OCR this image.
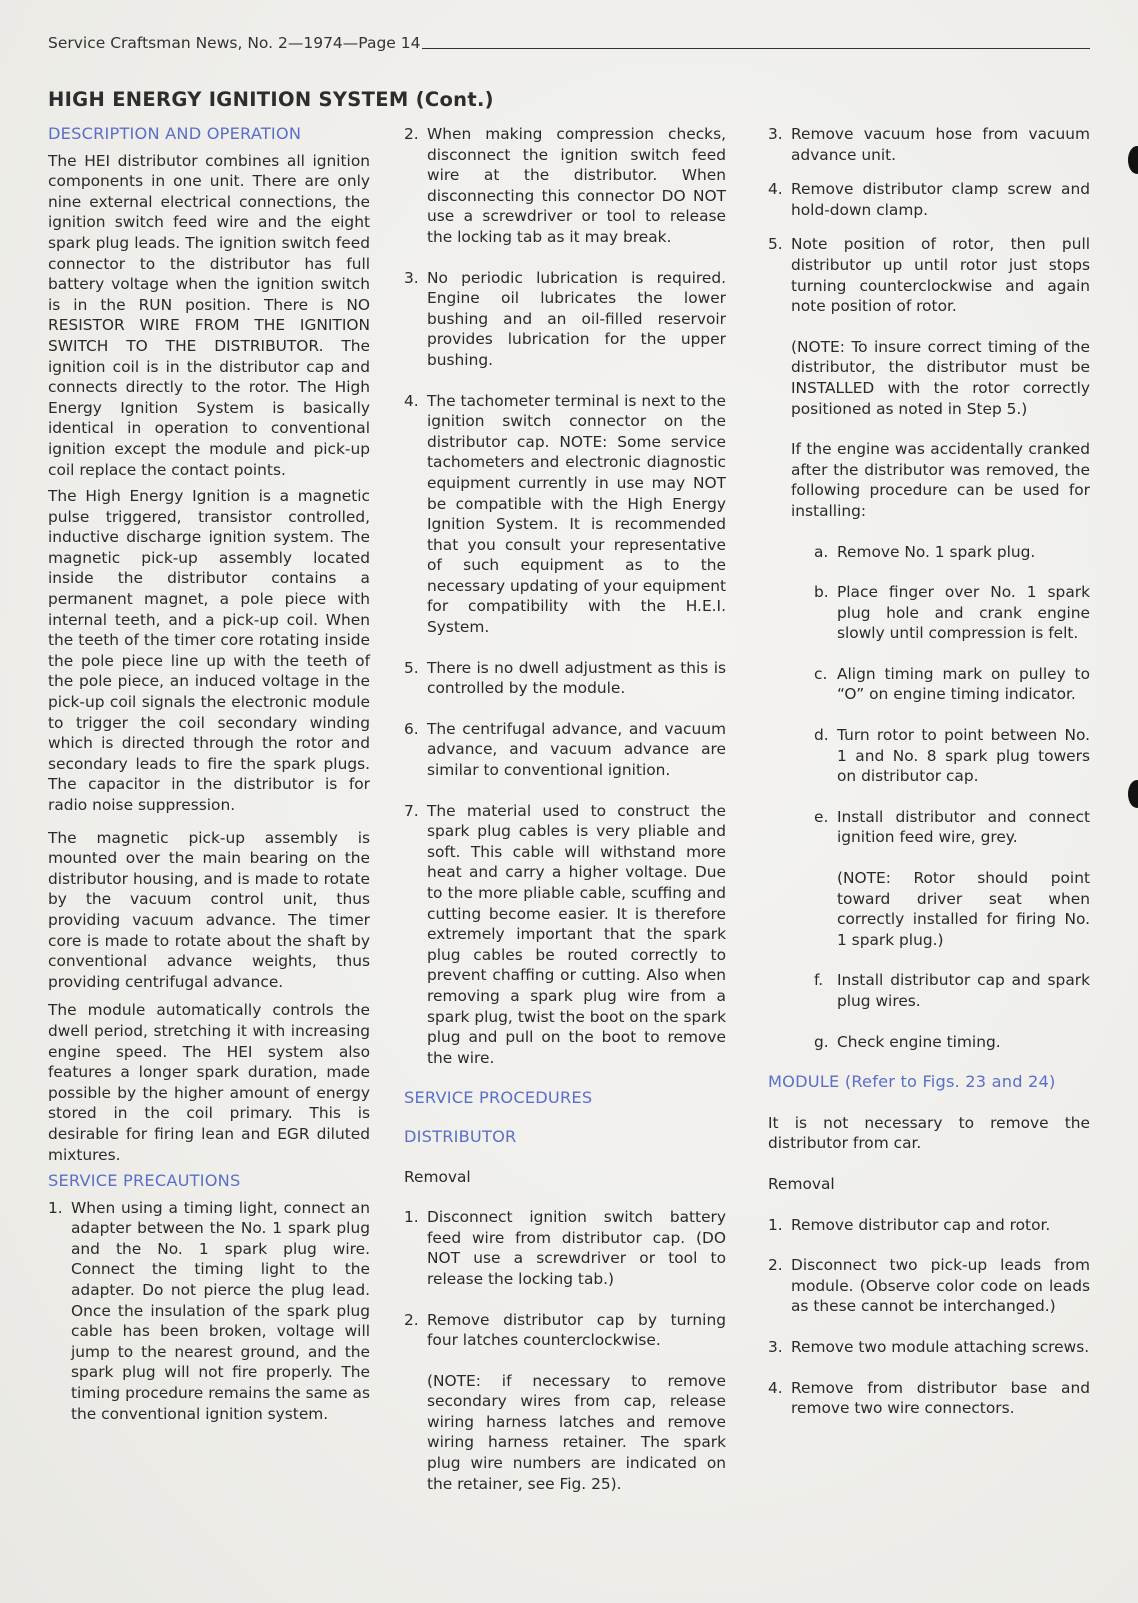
Service Craftsman News, No. 2—1974—Page 14
HIGH ENERGY IGNITION SYSTEM (Cont.)
DESCRIPTION AND OPERATION

The HEI distributor combines all ignition components in one unit. There are only nine external electrical connections, the ignition switch feed wire and the eight spark plug leads. The ignition switch feed connector to the distributor has full battery voltage when the ignition switch is in the RUN position. There is NO RESISTOR WIRE FROM THE IGNITION SWITCH TO THE DISTRIBUTOR. The ignition coil is in the distributor cap and connects directly to the rotor. The High Energy Ignition System is basically identical in operation to conventional ignition except the module and pick-up coil replace the contact points.

The High Energy Ignition is a magnetic pulse triggered, transistor controlled, inductive discharge ignition system. The magnetic pick-up assembly located inside the distributor contains a permanent magnet, a pole piece with internal teeth, and a pick-up coil. When the teeth of the timer core rotating inside the pole piece line up with the teeth of the pole piece, an induced voltage in the pick-up coil signals the electronic module to trigger the coil secondary winding which is directed through the rotor and secondary leads to fire the spark plugs. The capacitor in the distributor is for radio noise suppression.

The magnetic pick-up assembly is mounted over the main bearing on the distributor housing, and is made to rotate by the vacuum control unit, thus providing vacuum advance. The timer core is made to rotate about the shaft by conventional advance weights, thus providing centrifugal advance.

The module automatically controls the dwell period, stretching it with increasing engine speed. The HEI system also features a longer spark duration, made possible by the higher amount of energy stored in the coil primary. This is desirable for firing lean and EGR diluted mixtures.

SERVICE PRECAUTIONS
1. When using a timing light, connect an adapter between the No. 1 spark plug and the No. 1 spark plug wire. Connect the timing light to the adapter. Do not pierce the plug lead. Once the insulation of the spark plug cable has been broken, voltage will jump to the nearest ground, and the spark plug will not fire properly. The timing procedure remains the same as the conventional ignition system.
2. When making compression checks, disconnect the ignition switch feed wire at the distributor. When disconnecting this connector DO NOT use a screwdriver or tool to release the locking tab as it may break.
3. No periodic lubrication is required. Engine oil lubricates the lower bushing and an oil-filled reservoir provides lubrication for the upper bushing.
4. The tachometer terminal is next to the ignition switch connector on the distributor cap. NOTE: Some service tachometers and electronic diagnostic equipment currently in use may NOT be compatible with the High Energy Ignition System. It is recommended that you consult your representative of such equipment as to the necessary updating of your equipment for compatibility with the H.E.I. System.
5. There is no dwell adjustment as this is controlled by the module.
6. The centrifugal advance, and vacuum advance, and vacuum advance are similar to conventional ignition.
7. The material used to construct the spark plug cables is very pliable and soft. This cable will withstand more heat and carry a higher voltage. Due to the more pliable cable, scuffing and cutting become easier. It is therefore extremely important that the spark plug cables be routed correctly to prevent chaffing or cutting. Also when removing a spark plug wire from a spark plug, twist the boot on the spark plug and pull on the boot to remove the wire.
SERVICE PROCEDURES
DISTRIBUTOR

Removal

1. Disconnect ignition switch battery feed wire from distributor cap. (DO NOT use a screwdriver or tool to release the locking tab.)
2. Remove distributor cap by turning four latches counterclockwise.

(NOTE: if necessary to remove secondary wires from cap, release wiring harness latches and remove wiring harness retainer. The spark plug wire numbers are indicated on the retainer, see Fig. 25).

3. Remove vacuum hose from vacuum advance unit.
4. Remove distributor clamp screw and hold-down clamp.
5. Note position of rotor, then pull distributor up until rotor just stops turning counterclockwise and again note position of rotor.

(NOTE: To insure correct timing of the distributor, the distributor must be INSTALLED with the rotor correctly positioned as noted in Step 5.)

If the engine was accidentally cranked after the distributor was removed, the following procedure can be used for installing:

a. Remove No. 1 spark plug.
b. Place finger over No. 1 spark plug hole and crank engine slowly until compression is felt.
c. Align timing mark on pulley to “O” on engine timing indicator.
d. Turn rotor to point between No. 1 and No. 8 spark plug towers on distributor cap.
e. Install distributor and connect ignition feed wire, grey.

(NOTE: Rotor should point toward driver seat when correctly installed for firing No. 1 spark plug.)

f. Install distributor cap and spark plug wires.
g. Check engine timing.
MODULE (Refer to Figs. 23 and 24)

It is not necessary to remove the distributor from car.

Removal

1. Remove distributor cap and rotor.
2. Disconnect two pick-up leads from module. (Observe color code on leads as these cannot be interchanged.)
3. Remove two module attaching screws.
4. Remove from distributor base and remove two wire connectors.
